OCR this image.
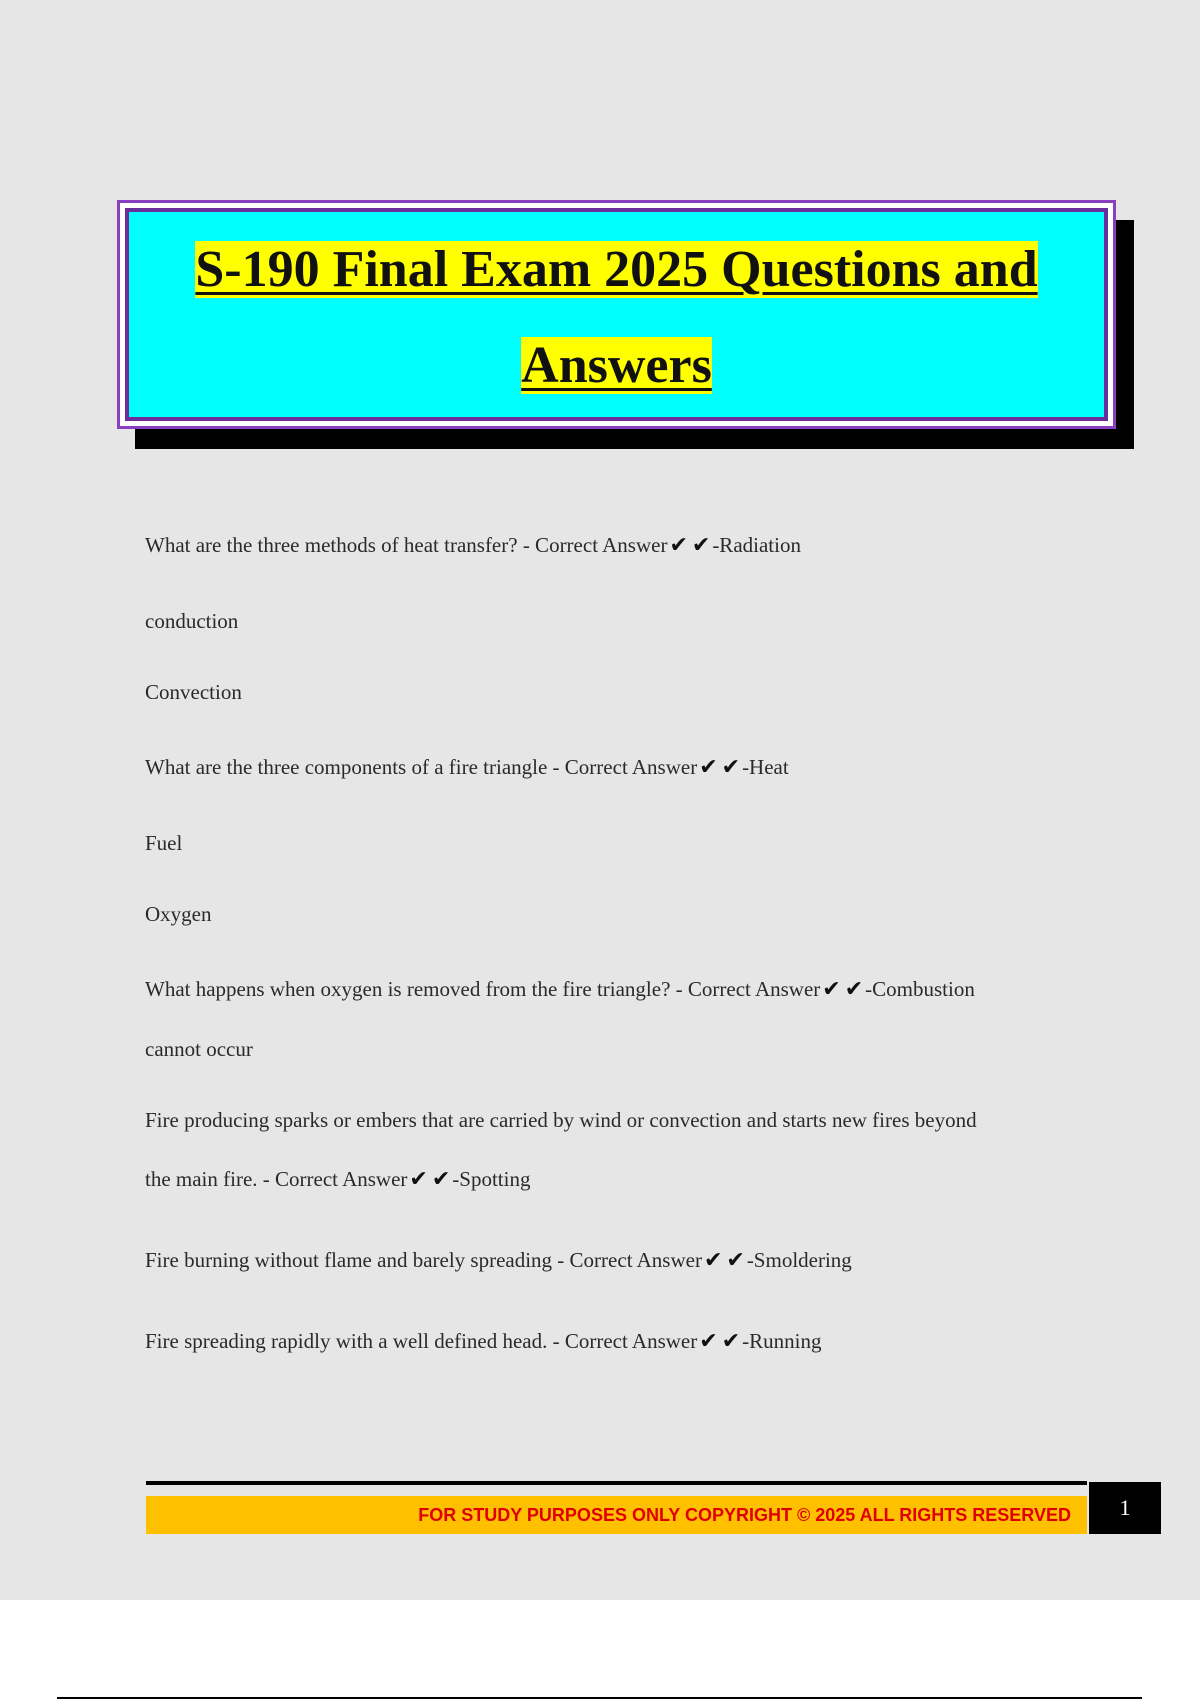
S-190 Final Exam 2025 Questions and
Answers
What are the three methods of heat transfer? - Correct Answer✔ ✔-Radiation
conduction
Convection
What are the three components of a fire triangle - Correct Answer✔ ✔-Heat
Fuel
Oxygen
What happens when oxygen is removed from the fire triangle? - Correct Answer✔ ✔-Combustion
cannot occur
Fire producing sparks or embers that are carried by wind or convection and starts new fires beyond
the main fire. - Correct Answer✔ ✔-Spotting
Fire burning without flame and barely spreading - Correct Answer✔ ✔-Smoldering
Fire spreading rapidly with a well defined head. - Correct Answer✔ ✔-Running
FOR STUDY PURPOSES ONLY COPYRIGHT © 2025 ALL RIGHTS RESERVED	1
